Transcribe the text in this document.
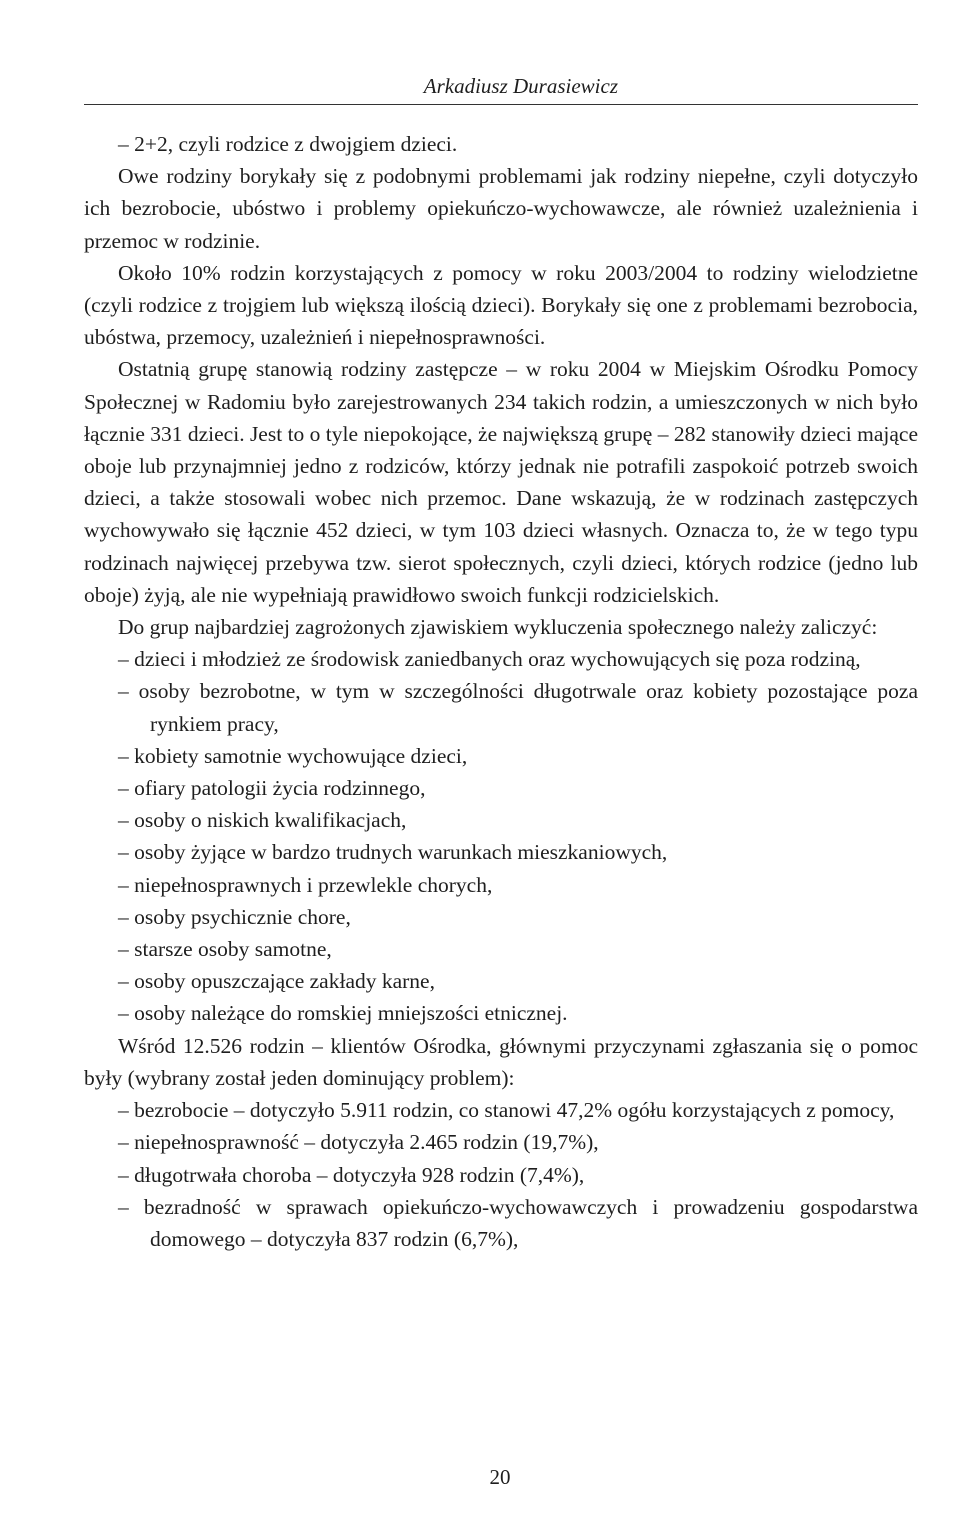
Arkadiusz Durasiewicz

– 2+2, czyli rodzice z dwojgiem dzieci.

Owe rodziny borykały się z podobnymi problemami jak rodziny niepełne, czyli dotyczyło ich bezrobocie, ubóstwo i problemy opiekuńczo-wychowawcze, ale również uzależnienia i przemoc w rodzinie.

Około 10% rodzin korzystających z pomocy w roku 2003/2004 to rodziny wielodzietne (czyli rodzice z trojgiem lub większą ilością dzieci). Borykały się one z problemami bezrobocia, ubóstwa, przemocy, uzależnień i niepełnosprawności.

Ostatnią grupę stanowią rodziny zastępcze – w roku 2004 w Miejskim Ośrodku Pomocy Społecznej w Radomiu było zarejestrowanych 234 takich rodzin, a umieszczonych w nich było łącznie 331 dzieci. Jest to o tyle niepokojące, że największą grupę – 282 stanowiły dzieci mające oboje lub przynajmniej jedno z rodziców, którzy jednak nie potrafili zaspokoić potrzeb swoich dzieci, a także stosowali wobec nich przemoc. Dane wskazują, że w rodzinach zastępczych wychowywało się łącznie 452 dzieci, w tym 103 dzieci własnych. Oznacza to, że w tego typu rodzinach najwięcej przebywa tzw. sierot społecznych, czyli dzieci, których rodzice (jedno lub oboje) żyją, ale nie wypełniają prawidłowo swoich funkcji rodzicielskich.

Do grup najbardziej zagrożonych zjawiskiem wykluczenia społecznego należy zaliczyć:

– dzieci i młodzież ze środowisk zaniedbanych oraz wychowujących się poza rodziną,

– osoby bezrobotne, w tym w szczególności długotrwale oraz kobiety pozostające poza rynkiem pracy,

– kobiety samotnie wychowujące dzieci,

– ofiary patologii życia rodzinnego,

– osoby o niskich kwalifikacjach,

– osoby żyjące w bardzo trudnych warunkach mieszkaniowych,

– niepełnosprawnych i przewlekle chorych,

– osoby psychicznie chore,

– starsze osoby samotne,

– osoby opuszczające zakłady karne,

– osoby należące do romskiej mniejszości etnicznej.

Wśród 12.526 rodzin – klientów Ośrodka, głównymi przyczynami zgłaszania się o pomoc były (wybrany został jeden dominujący problem):

– bezrobocie – dotyczyło 5.911 rodzin, co stanowi 47,2% ogółu korzystających z pomocy,

– niepełnosprawność – dotyczyła 2.465 rodzin (19,7%),

– długotrwała choroba – dotyczyła 928 rodzin (7,4%),

– bezradność w sprawach opiekuńczo-wychowawczych i prowadzeniu gospodarstwa domowego – dotyczyła 837 rodzin (6,7%),

20
